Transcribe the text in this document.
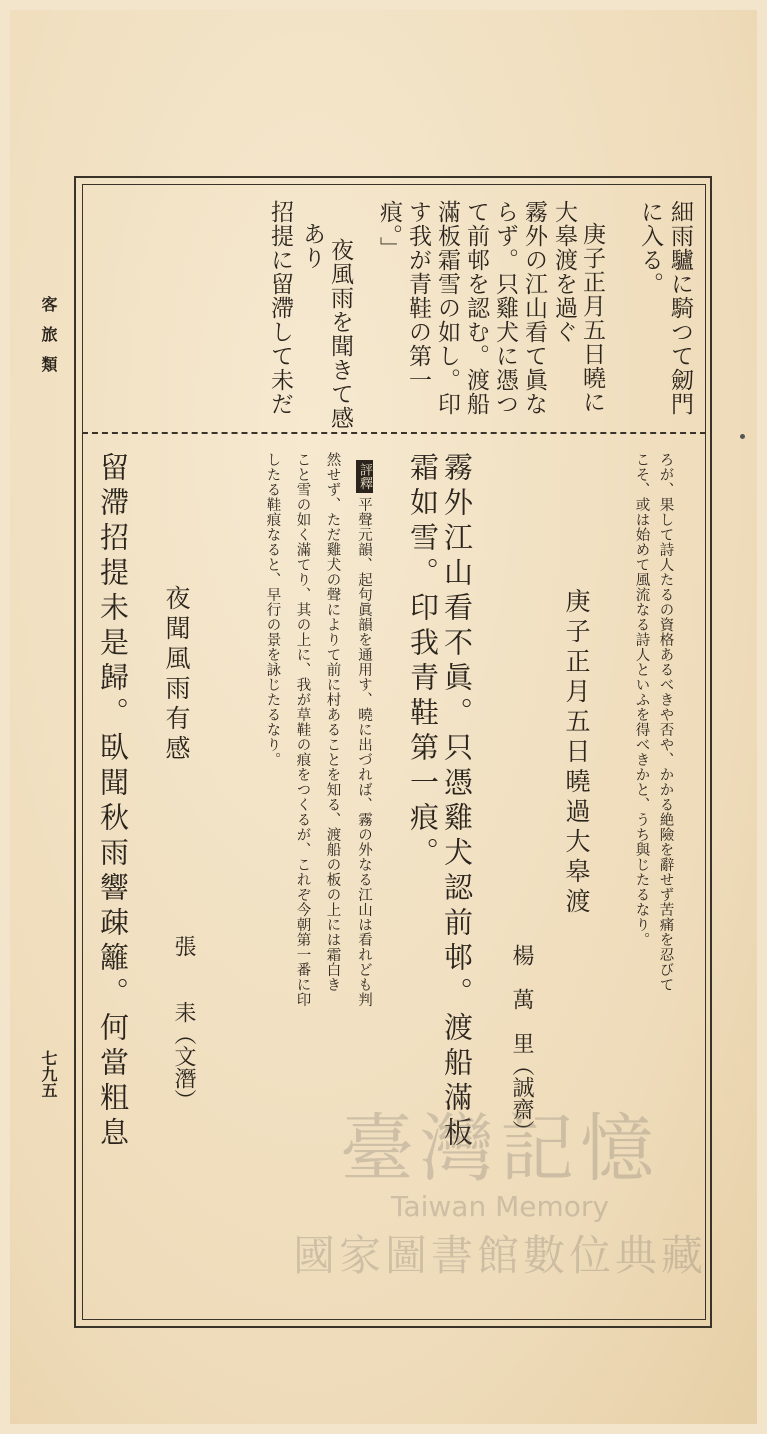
客旅類
七九五
細雨驢に騎つて劒門
に入る。
庚子正月五日曉に
大皋渡を過ぐ
霧外の江山看て眞な
らず。只雞犬に憑つ
て前邨を認む。渡船
滿板霜雪の如し。印
す我が青鞋の第一
痕。」
夜風雨を聞きて感
あり
招提に留滯して未だ
ろが、果して詩人たるの資格あるべきや否や、かかる絶險を辭せず苦痛を忍びて
こそ、或は始めて風流なる詩人といふを得べきかと、うち與じたるなり。
庚子正月五日曉過大皋渡
楊　萬　里（誠齋）
霧外江山看不眞。只憑雞犬認前邨。渡船滿板
霜如雪。印我青鞋第一痕。
評釋平聲元韻、起句眞韻を通用す、曉に出づれば、霧の外なる江山は看れども判
然せず、ただ雞犬の聲によりて前に村あることを知る、渡船の板の上には霜白き
こと雪の如く滿てり、其の上に、我が草鞋の痕をつくるが、これぞ今朝第一番に印
したる鞋痕なると、早行の景を詠じたるなり。
夜聞風雨有感
張　　耒（文潛）
留滯招提未是歸。臥聞秋雨響疎籬。何當粗息	臺灣記憶
Taiwan Memory
國家圖書館數位典藏
